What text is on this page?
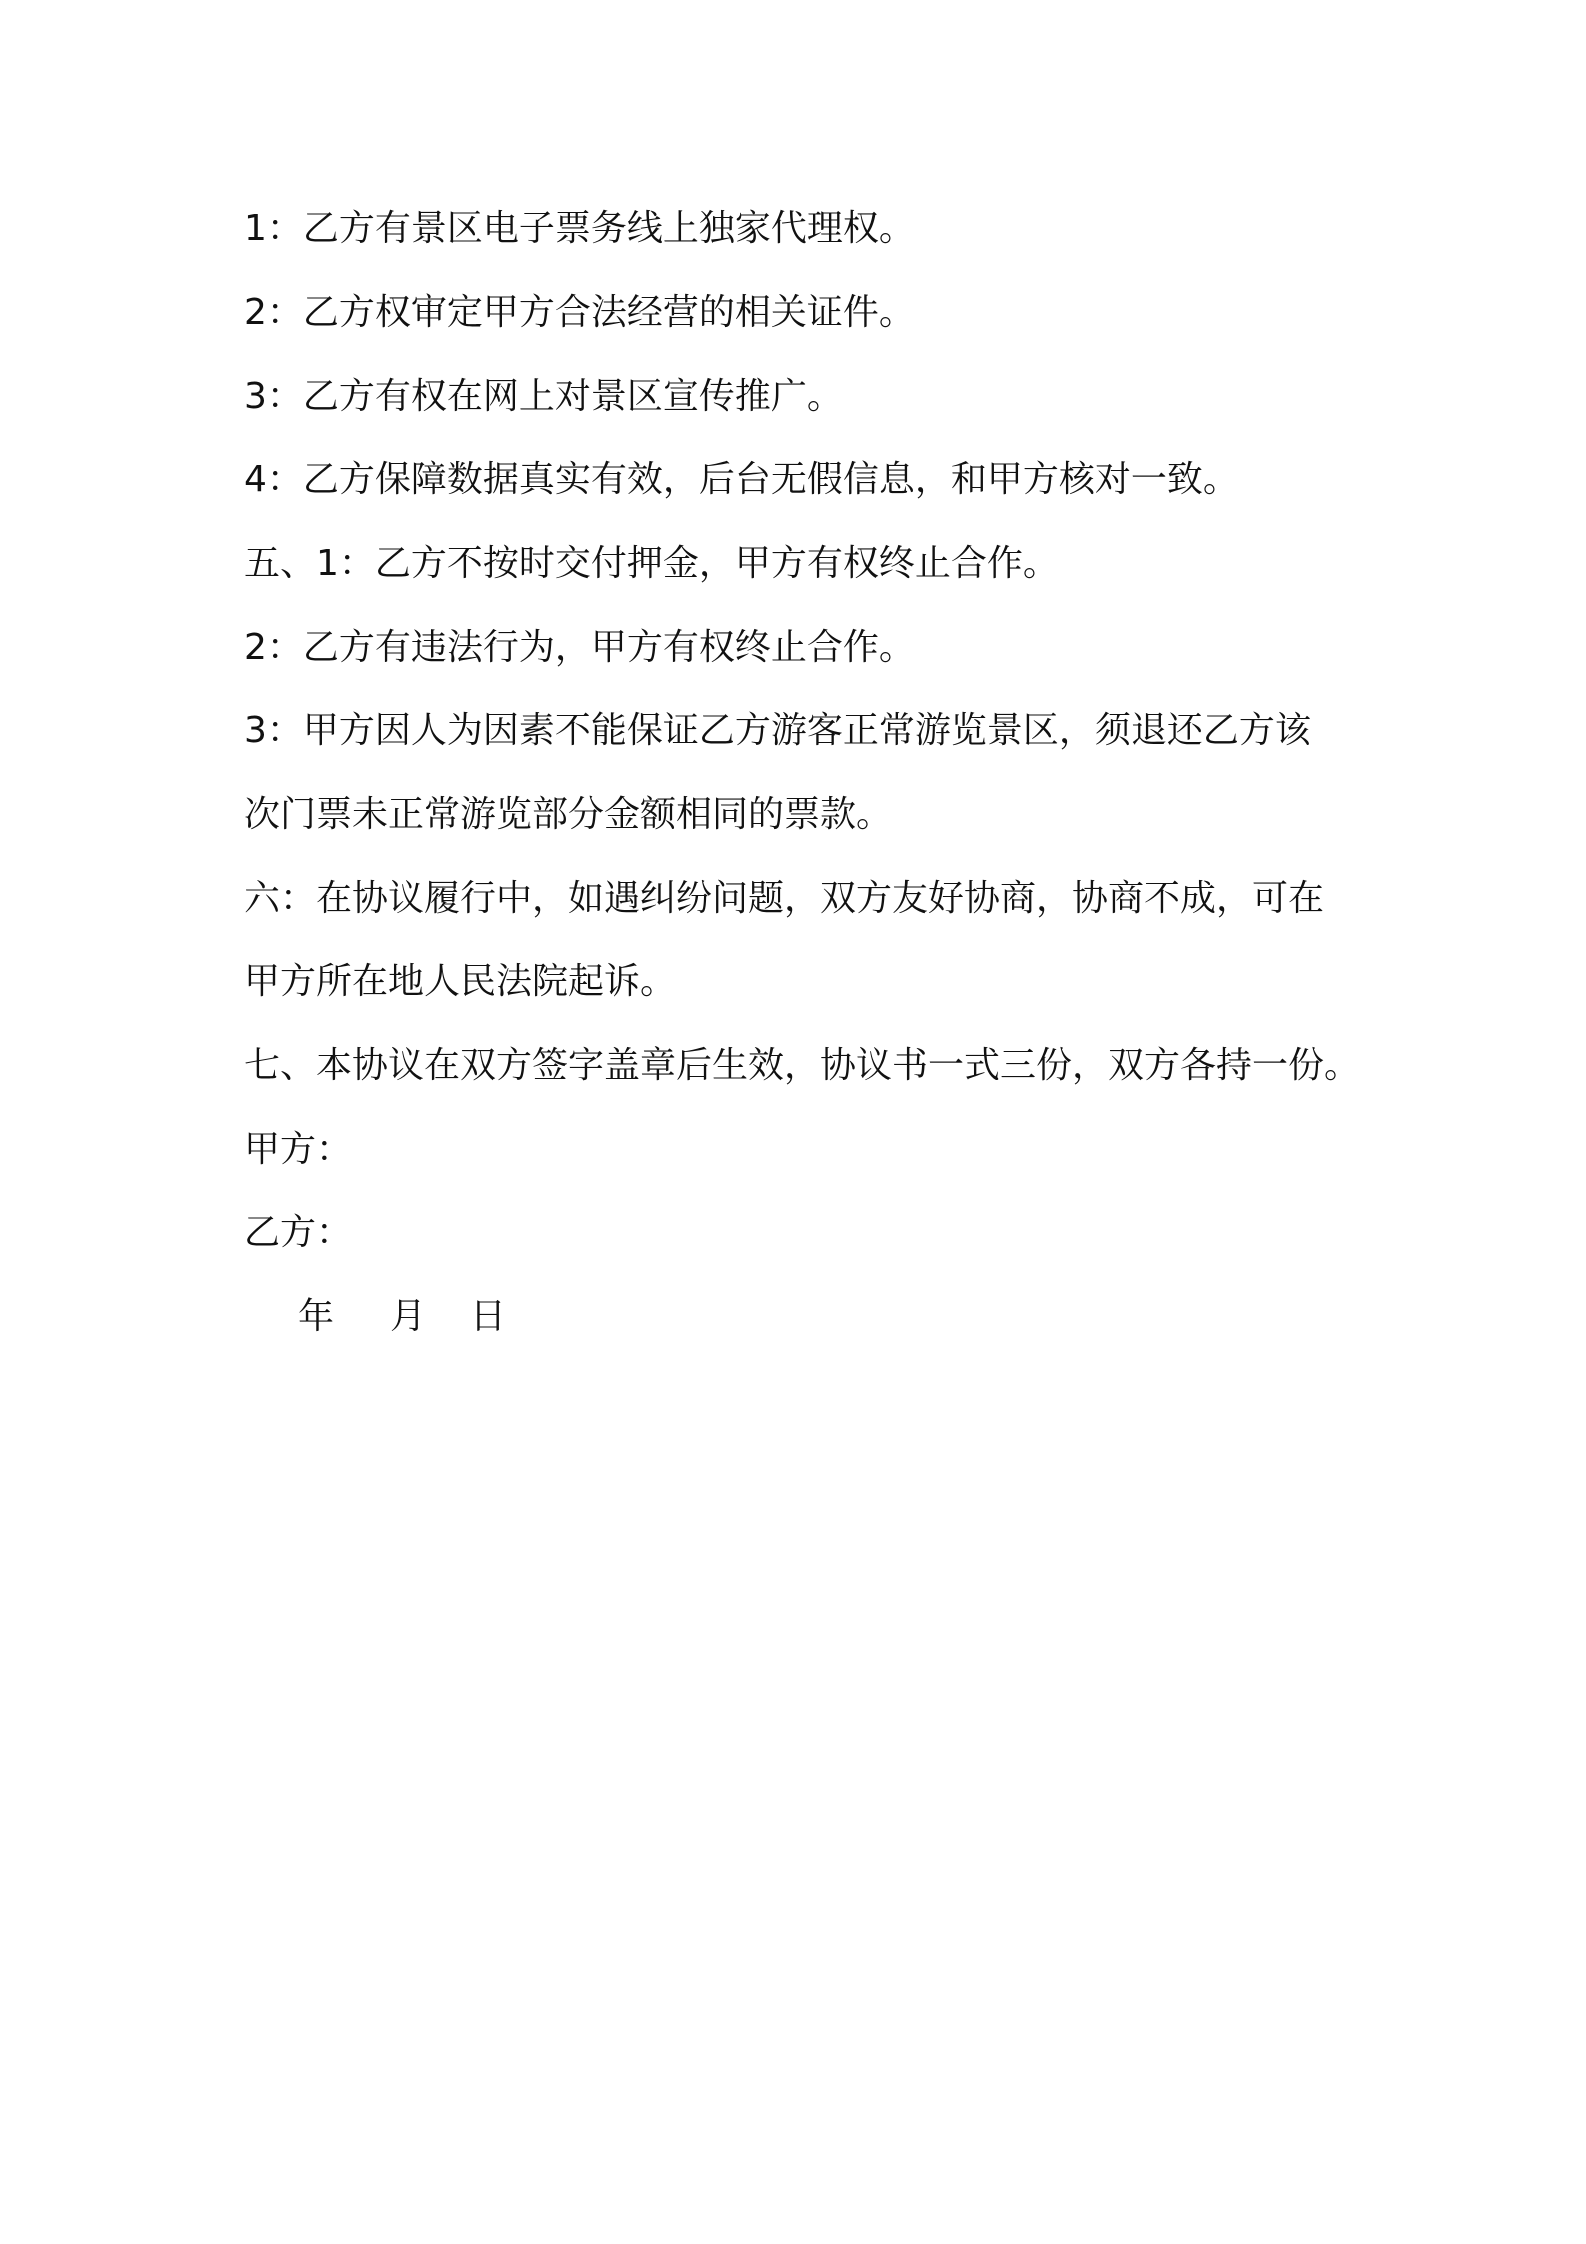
1：乙方有景区电子票务线上独家代理权。
2：乙方权审定甲方合法经营的相关证件。
3：乙方有权在网上对景区宣传推广。
4：乙方保障数据真实有效，后台无假信息，和甲方核对一致。
五、1：乙方不按时交付押金，甲方有权终止合作。
2：乙方有违法行为，甲方有权终止合作。
3：甲方因人为因素不能保证乙方游客正常游览景区，须退还乙方该
次门票未正常游览部分金额相同的票款。
六：在协议履行中，如遇纠纷问题，双方友好协商，协商不成，可在
甲方所在地人民法院起诉。
七、本协议在双方签字盖章后生效，协议书一式三份，双方各持一份。
甲方：
乙方：
年 月 日
